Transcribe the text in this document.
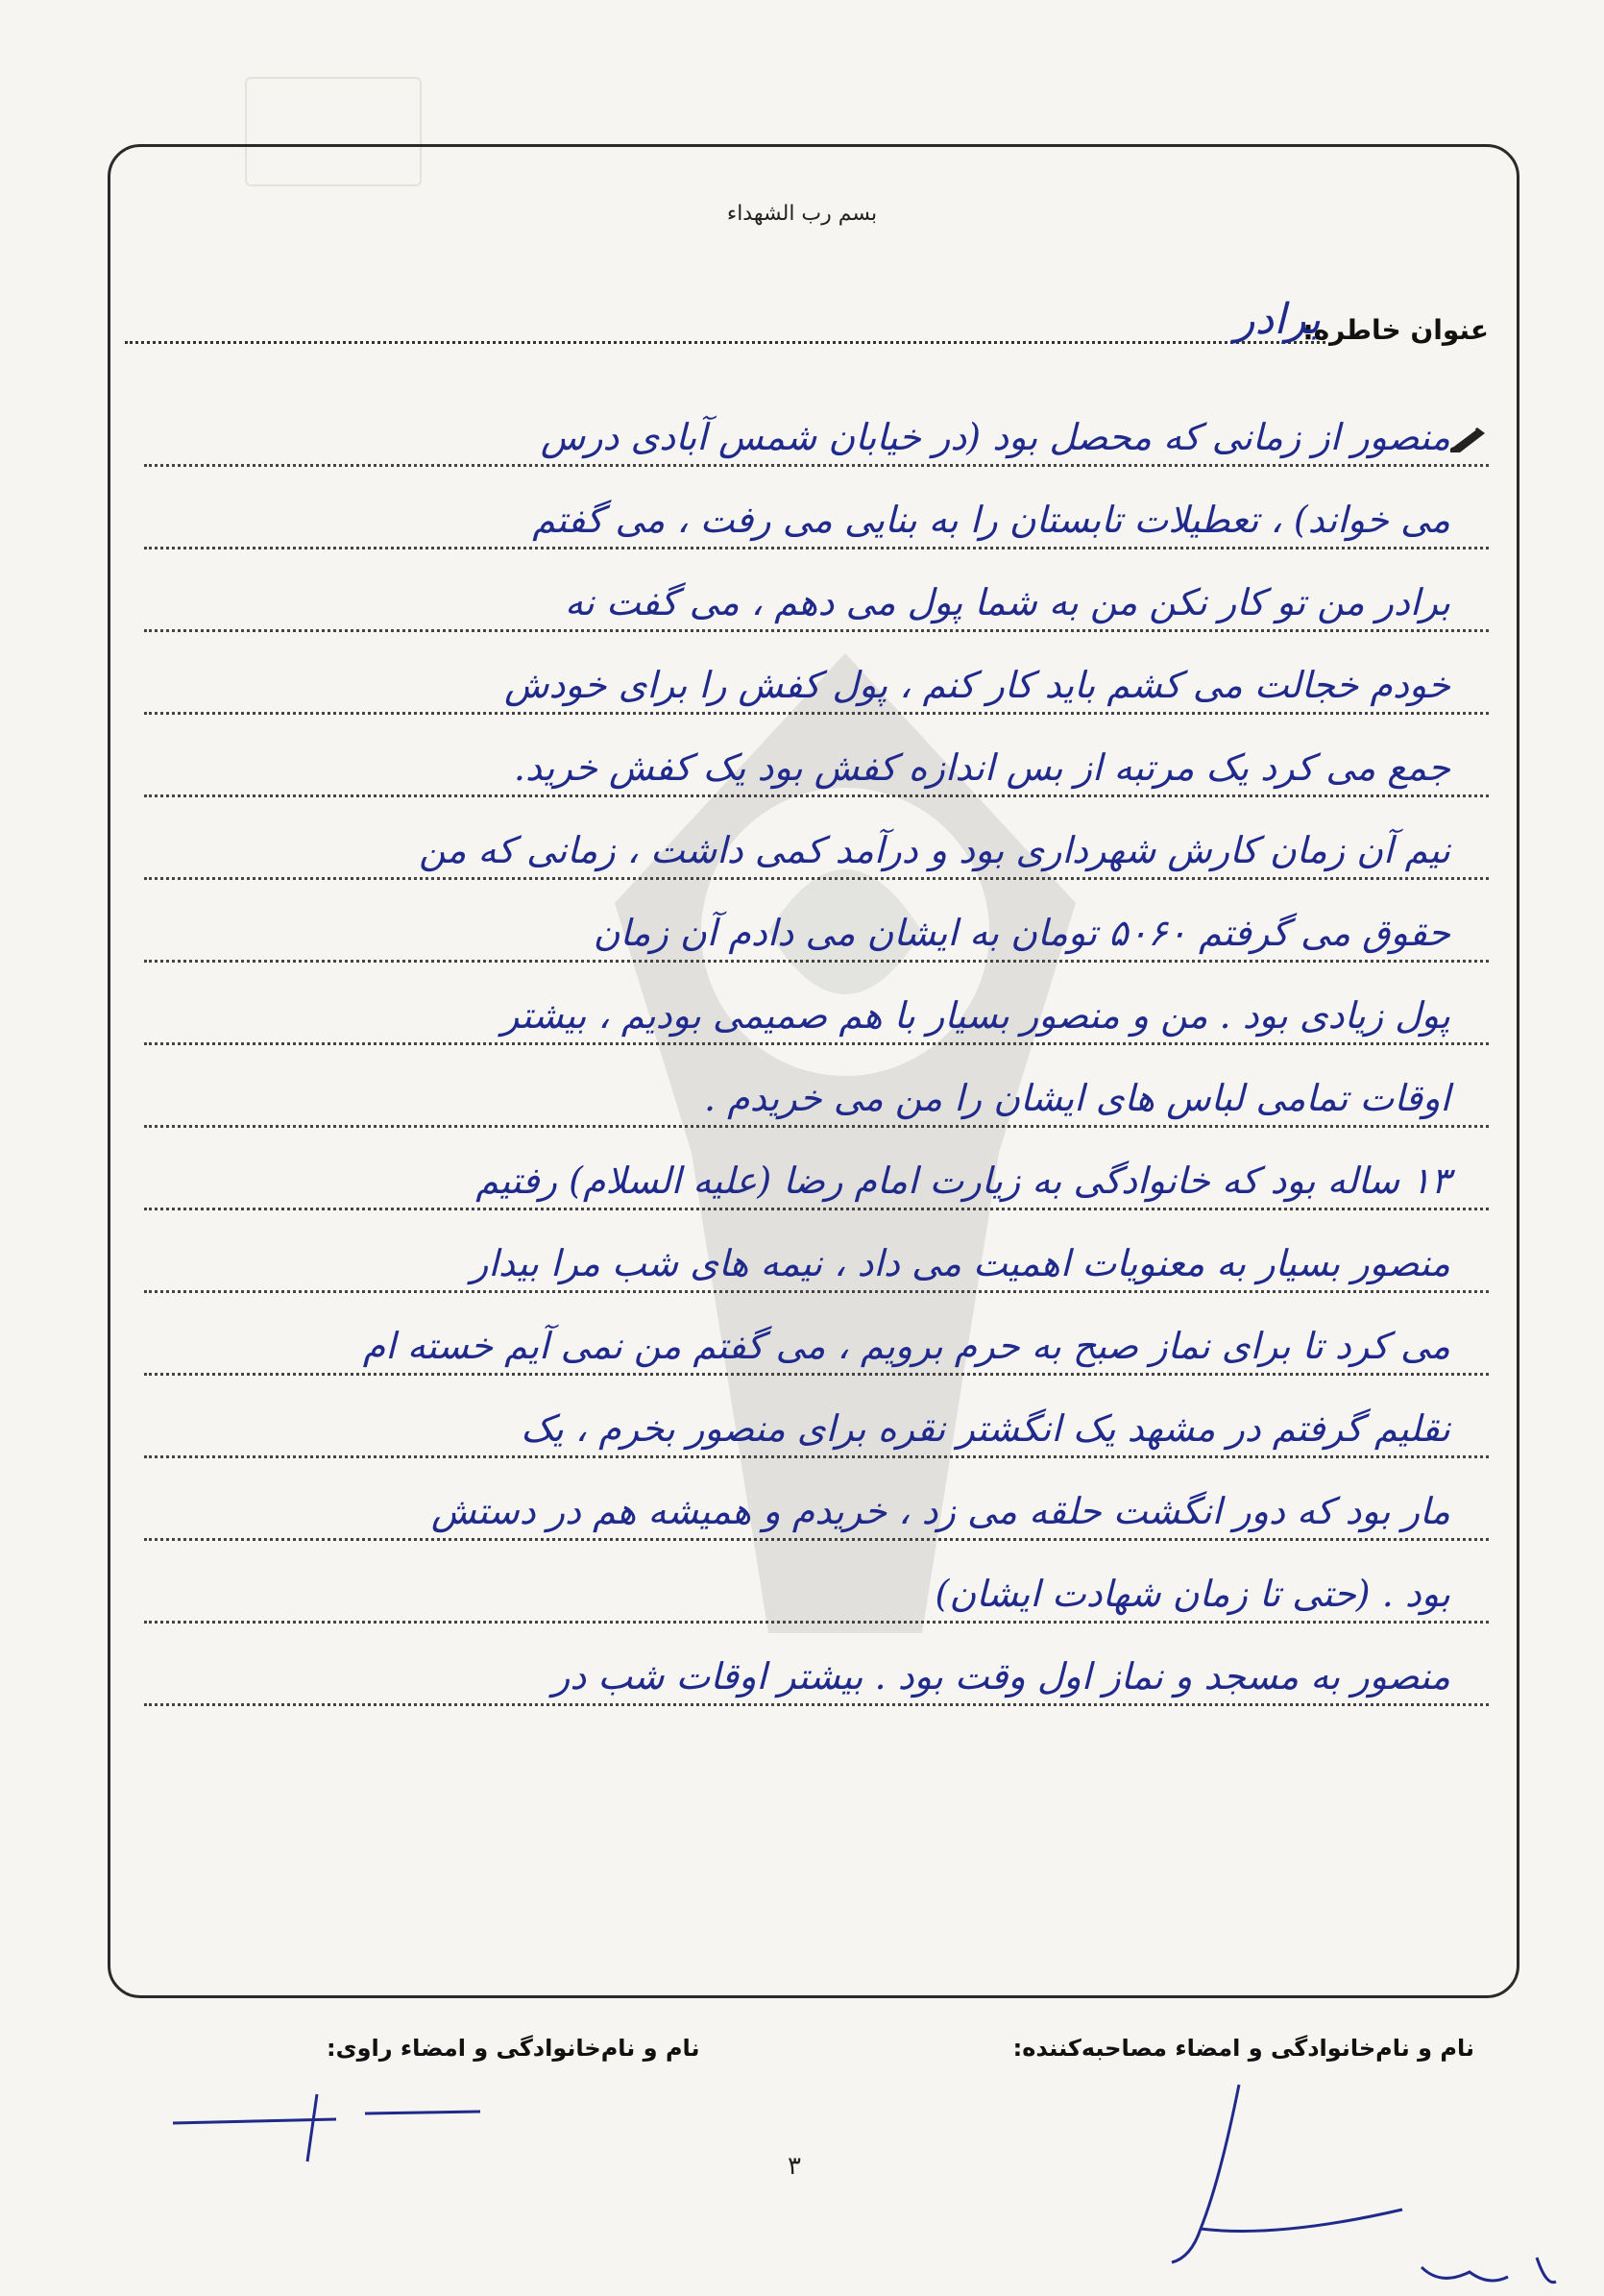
بسم رب الشهداء
عنوان خاطره:
برادر
منصور از زمانی که محصل بود (در خیابان شمس آبادی درس
می خواند) ، تعطیلات تابستان را به بنایی می رفت ، می گفتم
برادر من تو کار نکن من به شما پول می دهم ، می گفت نه
خودم خجالت می کشم باید کار کنم ، پول کفش را برای خودش
جمع می کرد یک مرتبه از بس اندازه کفش بود یک کفش خرید.
نیم آن زمان کارش شهرداری بود و درآمد کمی داشت ، زمانی که من
حقوق می گرفتم ۵۰۶۰ تومان به ایشان می دادم آن زمان
پول زیادی بود . من و منصور بسیار با هم صمیمی بودیم ، بیشتر
اوقات تمامی لباس های ایشان را من می خریدم .
۱۳ ساله بود که خانوادگی به زیارت امام رضا (علیه السلام) رفتیم
منصور بسیار به معنویات اهمیت می داد ، نیمه های شب مرا بیدار
می کرد تا برای نماز صبح به حرم برویم ، می گفتم من نمی آیم خسته ام
نقلیم گرفتم در مشهد یک انگشتر نقره برای منصور بخرم ، یک
مار بود که دور انگشت حلقه می زد ، خریدم و همیشه هم در دستش
بود . (حتی تا زمان شهادت ایشان)
منصور به مسجد و نماز اول وقت بود . بیشتر اوقات شب در
نام و نام‌خانوادگی و امضاء مصاحبه‌کننده:
نام و نام‌خانوادگی و امضاء راوی:
۳
